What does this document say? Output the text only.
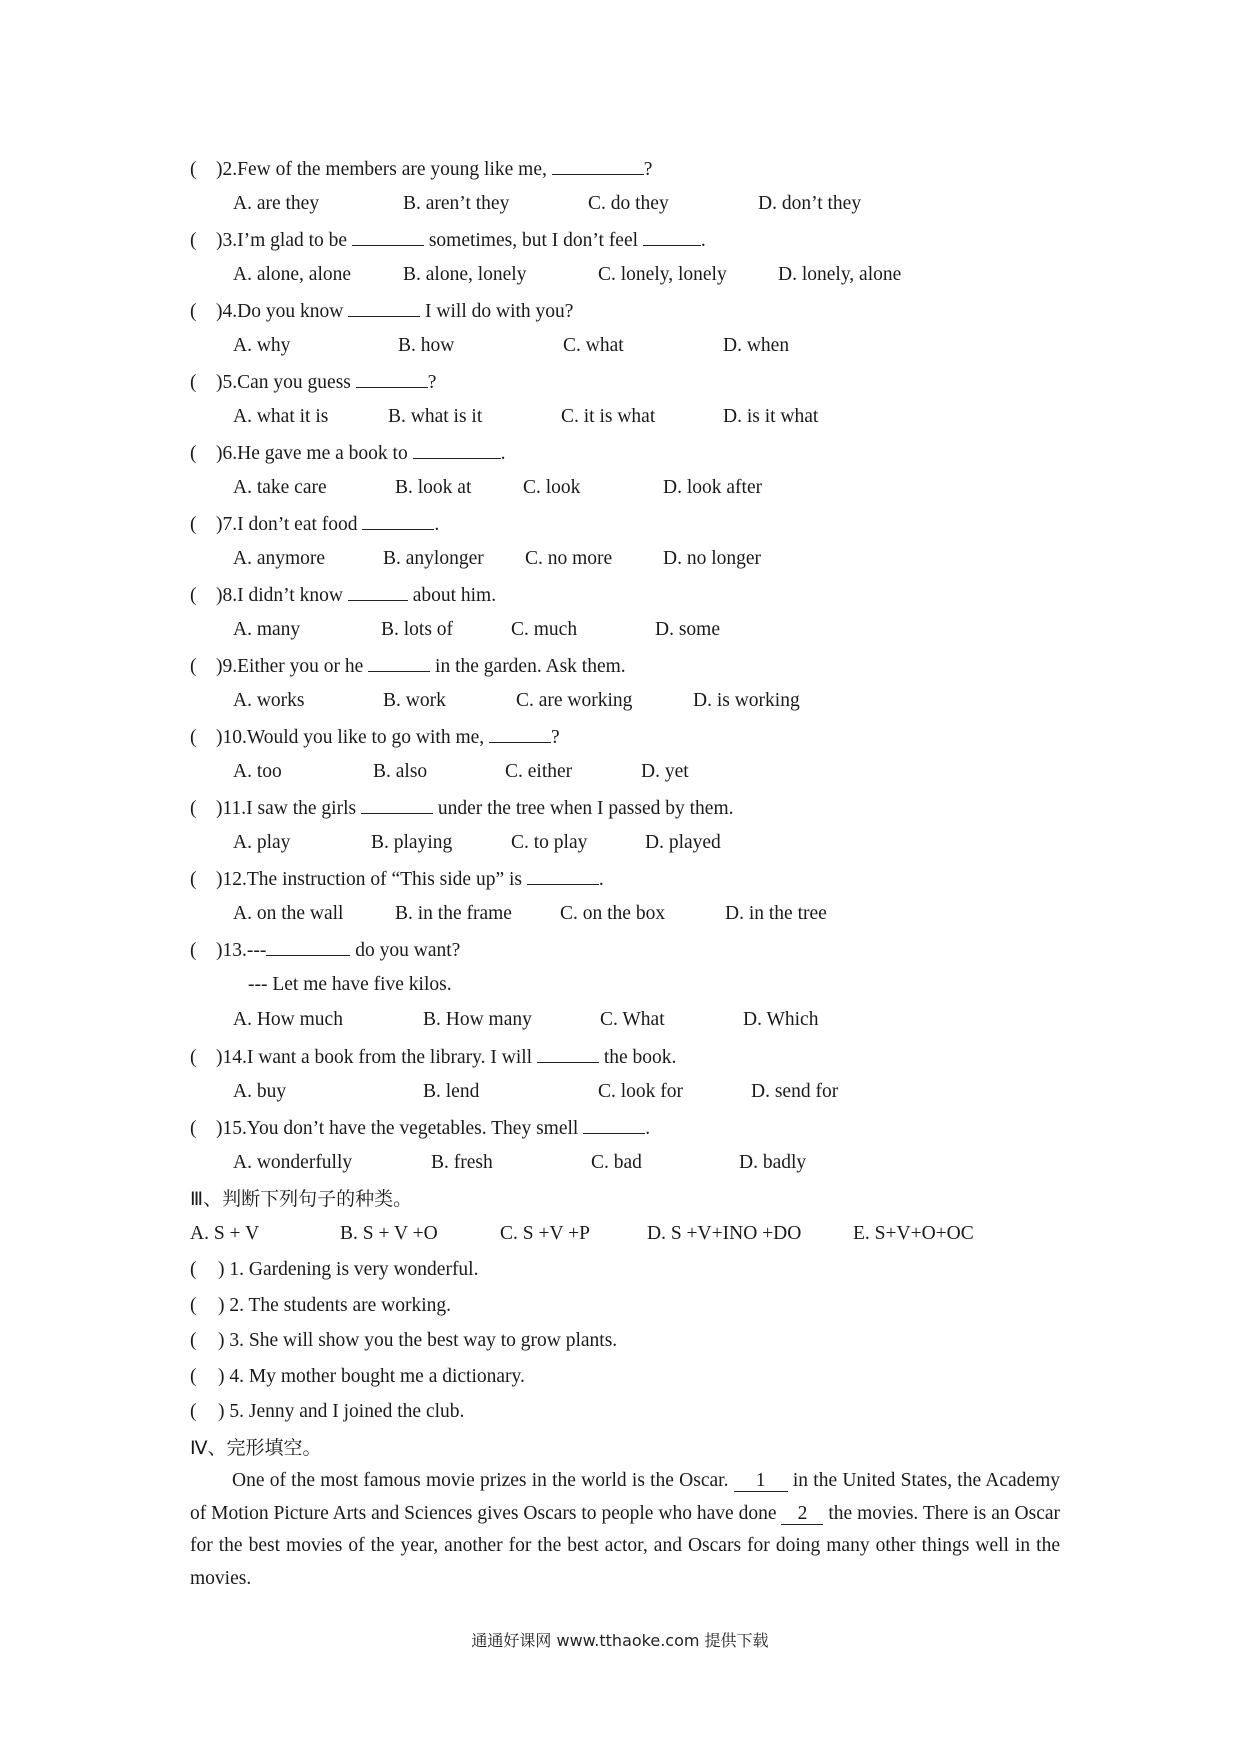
( )2.Few of the members are young like me,	?
A. are they	B. aren’t they	C. do they	D. don’t they
( )3.I’m glad to be	sometimes, but I don’t feel	.
A. alone, alone	B. alone, lonely	C. lonely, lonely	D. lonely, alone
( )4.Do you know	I will do with you?
A. why	B. how	C. what	D. when
( )5.Can you guess	?
A. what it is	B. what is it	C. it is what	D. is it what
( )6.He gave me a book to	.
A. take care	B. look at	C. look	D. look after
( )7.I don’t eat food	.
A. anymore	B. anylonger C. no more	D. no longer
( )8.I didn’t know	about him.
A. many	B. lots of	C. much	D. some
( )9.Either you or he	in the garden. Ask them.
A. works	B. work	C. are working	D. is working
( )10.Would you like to go with me,	?
A. too	B. also	C. either	D. yet
( )11.I saw the girls	under the tree when I passed by them.
A. play	B. playing	C. to play	D. played
( )12.The instruction of “This side up” is	.
A. on the wall	B. in the frame C. on the box	D. in the tree
( )13.---	do you want?
--- Let me have five kilos.
A. How much	B. How many	C. What	D. Which
( )14.I want a book from the library. I will	the book.
A. buy	B. lend	C. look for	D. send for
( )15.You don’t have the vegetables. They smell	.
A. wonderfully	B. fresh	C. bad	D. badly
Ⅲ、判断下列句子的种类。
A. S + V	B. S + V +O	C. S +V +P	D. S +V+INO +DO	E. S+V+O+OC
( ) 1. Gardening is very wonderful.
( ) 2. The students are working.
( ) 3. She will show you the best way to grow plants.
( ) 4. My mother bought me a dictionary.
( ) 5. Jenny and I joined the club.
Ⅳ、完形填空。
One of the most famous movie prizes in the world is the Oscar. 1 in the United States, the Academy of Motion Picture Arts and Sciences gives Oscars to people who have done 2 the movies. There is an Oscar for the best movies of the year, another for the best actor, and Oscars for doing many other things well in the movies.
通通好课网 www.tthaoke.com 提供下载
